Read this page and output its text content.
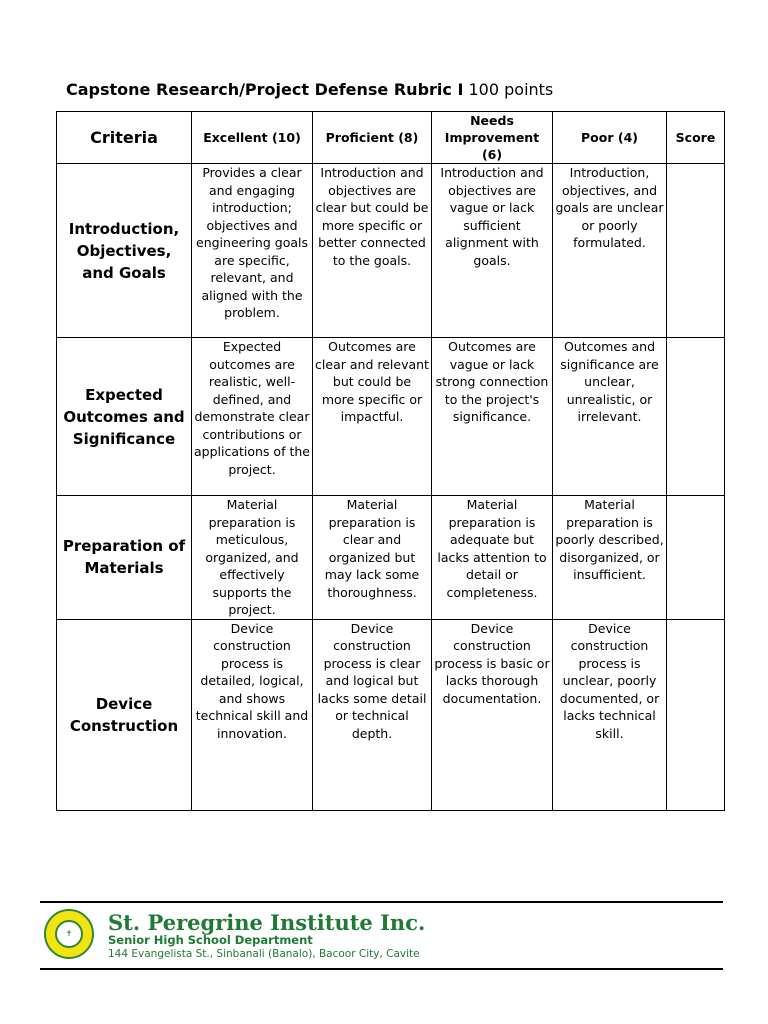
Capstone Research/Project Defense Rubric I 100 points
Criteria	Excellent (10)	Proficient (8)	Needs Improvement (6)	Poor (4)	Score
Introduction, Objectives, and Goals	Provides a clear and engaging introduction; objectives and engineering goals are specific, relevant, and aligned with the problem.	Introduction and objectives are clear but could be more specific or better connected to the goals.	Introduction and objectives are vague or lack sufficient alignment with goals.	Introduction, objectives, and goals are unclear or poorly formulated.	
Expected Outcomes and Significance	Expected outcomes are realistic, well-defined, and demonstrate clear contributions or applications of the project.	Outcomes are clear and relevant but could be more specific or impactful.	Outcomes are vague or lack strong connection to the project's significance.	Outcomes and significance are unclear, unrealistic, or irrelevant.	
Preparation of Materials	Material preparation is meticulous, organized, and effectively supports the project.	Material preparation is clear and organized but may lack some thoroughness.	Material preparation is adequate but lacks attention to detail or completeness.	Material preparation is poorly described, disorganized, or insufficient.	
Device Construction	Device construction process is detailed, logical, and shows technical skill and innovation.	Device construction process is clear and logical but lacks some detail or technical depth.	Device construction process is basic or lacks thorough documentation.	Device construction process is unclear, poorly documented, or lacks technical skill.	
✝	St. Peregrine Institute Inc.
Senior High School Department
144 Evangelista St., Sinbanali (Banalo), Bacoor City, Cavite
